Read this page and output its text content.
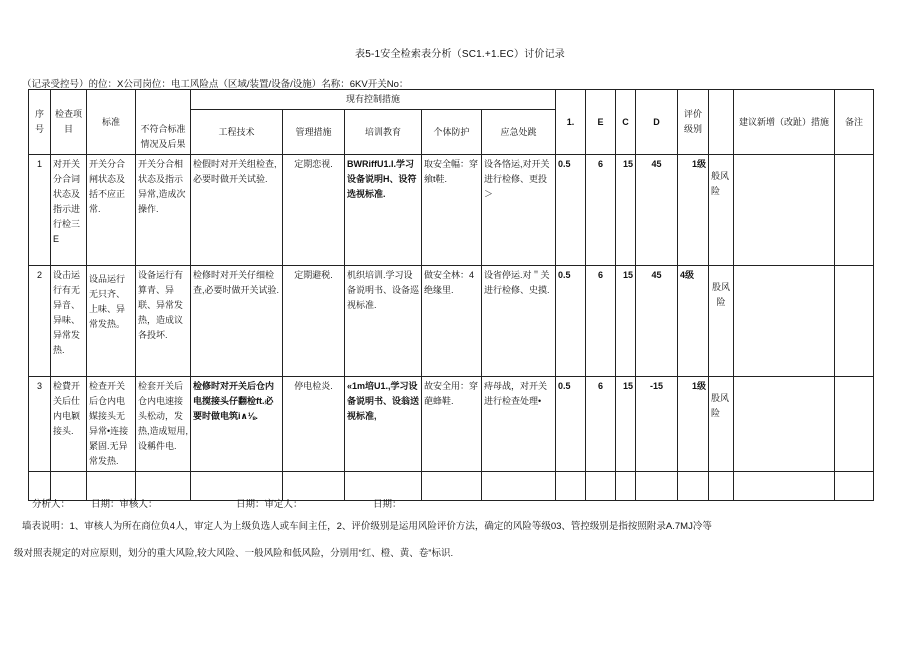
表5-1安全检索表分析（SC1.+1.EC）讨价记录
（记录受控号）的位：X公司岗位：电工风险点（区域/装置/设备/设施）名称：6KV开关No：
序号	检查项目	标准	不符合标准情况及后果	现有控制措施					1.	E	C	D	评价级别		建议新增（改趾）措施	备注
				工程技术	管理措施	培训教育	个体防护	应急处跳								
1	对开关分合词状态及指示进行检三E	开关分合闸状态及括不应正常.	开关分合相状态及指示异常,造成次操作.	检假时对开关组检查,必要时做开关试验.	定期恋视.	BWRiffU1.I.学习设备说明H、设符选视标准.	取安全幅：穿飨t鞋.	设各恪运,对开关进行检修、更投＞	0.5	6	15	45	1级	般风险		
2	设击运行有无异音、异味、异常发热.	设品运行无只齐、上味、异常发热。	设备运行有算青、异联、异常发热，造成议各投坏.	检修时对开关仔细检查,必要时做开关试验.	定期避税.	机织培训.学习设备说明书、设备巡视标准.	做安全林：4绝缘里.	设省停运.对＂关进行检修、史摸.	0.5	6	15	45	4级	股风险		
3	检費开关后仕内电颖接头.	检查开关后仓内电媒接头无异常•连接紧固.无异常发热.	检套开关后仓内电速接头松动，发热,造成短用,设稱件电.	检修时对开关后仓内电搅接头仔翻检ft.必要时做电筑i∧⅛.	停电检炎.	«1m培U1.,学习设备说明书、设翁送视标准,	故安全用：穿葩蜂鞋.	痔母战，对开关进行检查处理•	0.5	6	15	-15	1级	股风险		

分析人： 日期：审核人：	日期：审定人：	日期：
墙表说明：1、审核人为所在商位负4人，审定人为上级负选人或车间主任，2、评价级别是运用风险评价方法，确定的风险等级03、管控级别是指按照附录A.7MJ冷等
级对照表规定的对应原则，划分的重大风险,较大风险、一般风险和低风险，分别用“红、橙、黄、卷”标识.
